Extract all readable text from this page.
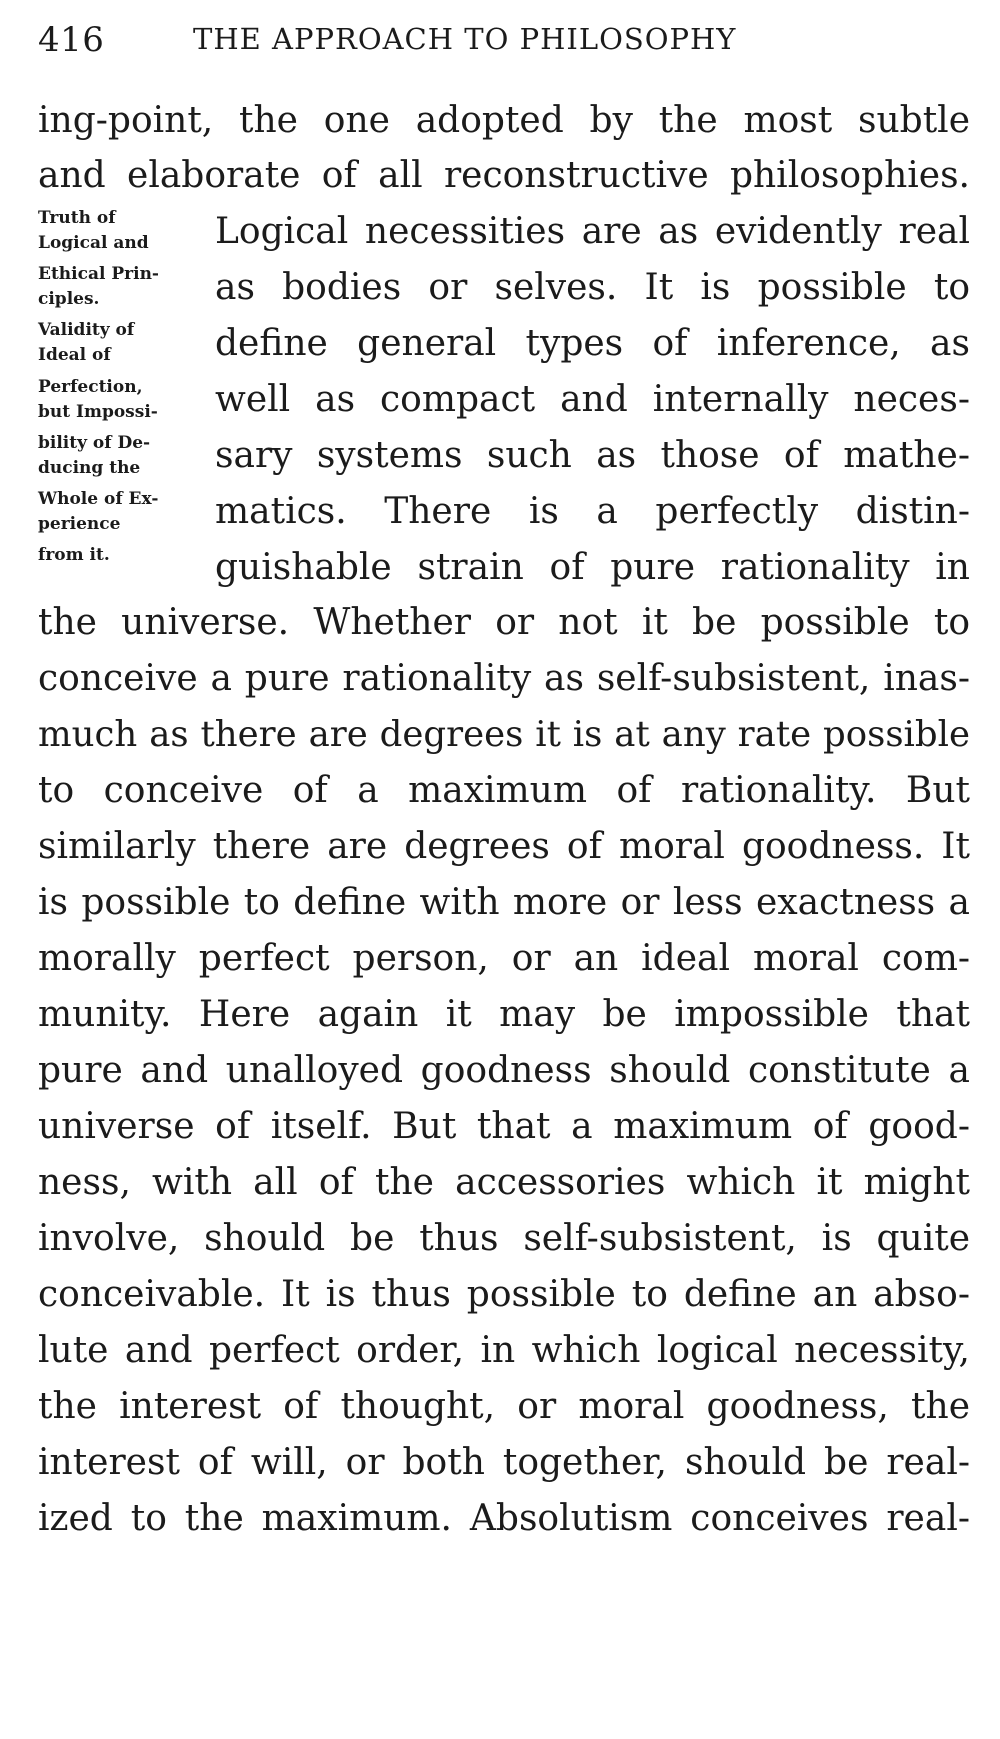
416	THE APPROACH TO PHILOSOPHY
Truth of
Logical and
Ethical Prin-
ciples.
Validity of
Ideal of
Perfection,
but Impossi-
bility of De-
ducing the
Whole of Ex-
perience
from it.
ing-point, the one adopted by the most subtle
and elaborate of all reconstructive philosophies.
Logical necessities are as evidently real
as bodies or selves. It is possible to
define general types of inference, as
well as compact and internally neces-
sary systems such as those of mathe-
matics. There is a perfectly distin-
guishable strain of pure rationality in
the universe. Whether or not it be possible to
conceive a pure rationality as self-subsistent, inas-
much as there are degrees it is at any rate possible
to conceive of a maximum of rationality. But
similarly there are degrees of moral goodness. It
is possible to define with more or less exactness a
morally perfect person, or an ideal moral com-
munity. Here again it may be impossible that
pure and unalloyed goodness should constitute a
universe of itself. But that a maximum of good-
ness, with all of the accessories which it might
involve, should be thus self-subsistent, is quite
conceivable. It is thus possible to define an abso-
lute and perfect order, in which logical necessity,
the interest of thought, or moral goodness, the
interest of will, or both together, should be real-
ized to the maximum. Absolutism conceives real-
